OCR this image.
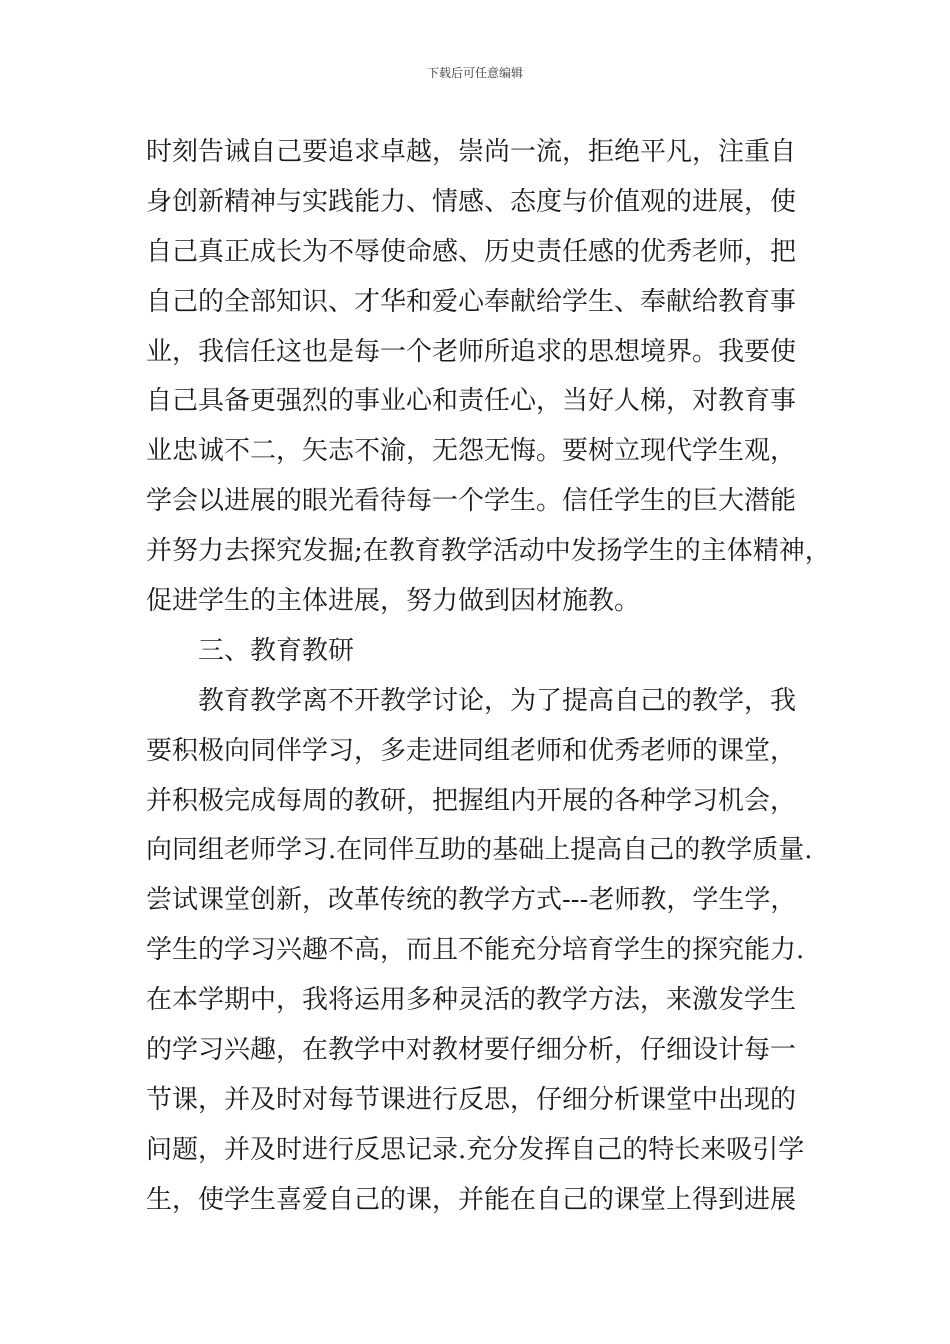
下载后可任意编辑
时刻告诫自己要追求卓越，崇尚一流，拒绝平凡，注重自
身创新精神与实践能力、情感、态度与价值观的进展，使
自己真正成长为不辱使命感、历史责任感的优秀老师，把
自己的全部知识、才华和爱心奉献给学生、奉献给教育事
业，我信任这也是每一个老师所追求的思想境界。我要使
自己具备更强烈的事业心和责任心，当好人梯，对教育事
业忠诚不二，矢志不渝，无怨无悔。要树立现代学生观，
学会以进展的眼光看待每一个学生。信任学生的巨大潜能
并努力去探究发掘;在教育教学活动中发扬学生的主体精神，
促进学生的主体进展，努力做到因材施教。
三、教育教研
教育教学离不开教学讨论，为了提高自己的教学，我
要积极向同伴学习，多走进同组老师和优秀老师的课堂，
并积极完成每周的教研，把握组内开展的各种学习机会，
向同组老师学习.在同伴互助的基础上提高自己的教学质量.
尝试课堂创新，改革传统的教学方式---老师教，学生学，
学生的学习兴趣不高，而且不能充分培育学生的探究能力.
在本学期中，我将运用多种灵活的教学方法，来激发学生
的学习兴趣，在教学中对教材要仔细分析，仔细设计每一
节课，并及时对每节课进行反思，仔细分析课堂中出现的
问题，并及时进行反思记录.充分发挥自己的特长来吸引学
生，使学生喜爱自己的课，并能在自己的课堂上得到进展
